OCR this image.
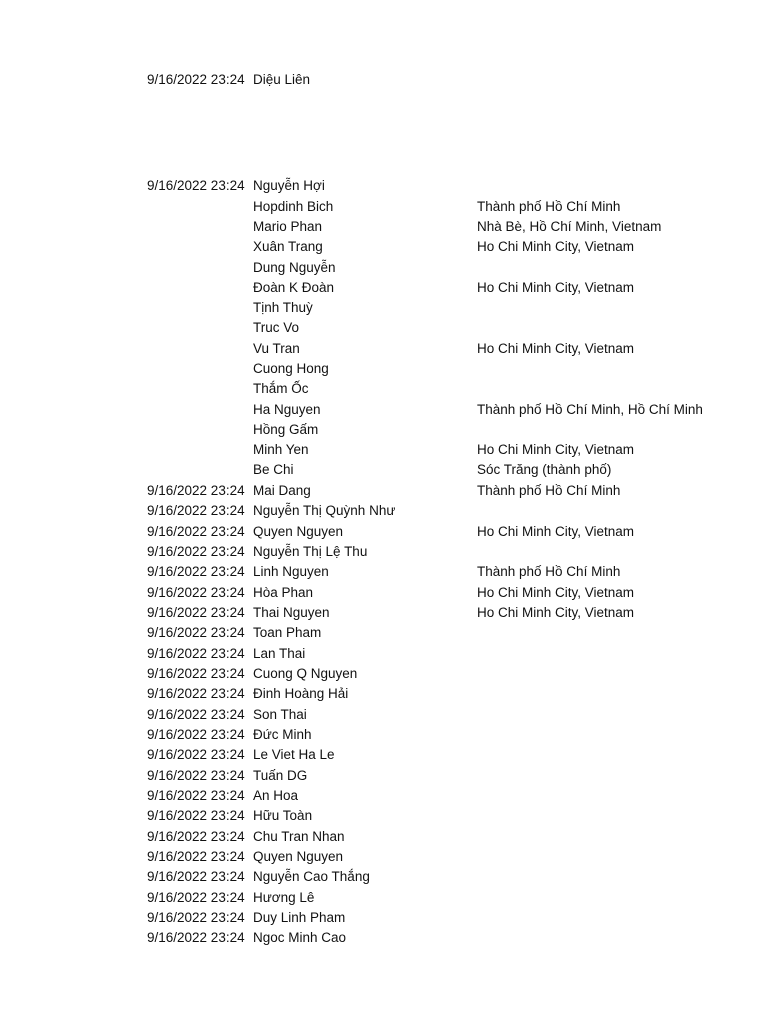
9/16/2022 23:24 Diệu Liên
9/16/2022 23:24 Nguyễn Hợi
Hopdinh Bich	Thành phố Hồ Chí Minh
Mario Phan	Nhà Bè, Hồ Chí Minh, Vietnam
Xuân Trang	Ho Chi Minh City, Vietnam
Dung Nguyễn
Đoàn K Đoàn	Ho Chi Minh City, Vietnam
Tịnh Thuỳ
Truc Vo
Vu Tran	Ho Chi Minh City, Vietnam
Cuong Hong
Thắm Ốc
Ha Nguyen	Thành phố Hồ Chí Minh, Hồ Chí Minh
Hồng Gấm
Minh Yen	Ho Chi Minh City, Vietnam
Be Chi	Sóc Trăng (thành phố)
9/16/2022 23:24 Mai Dang	Thành phố Hồ Chí Minh
9/16/2022 23:24 Nguyễn Thị Quỳnh Như
9/16/2022 23:24 Quyen Nguyen	Ho Chi Minh City, Vietnam
9/16/2022 23:24 Nguyễn Thị Lệ Thu
9/16/2022 23:24 Linh Nguyen	Thành phố Hồ Chí Minh
9/16/2022 23:24 Hòa Phan	Ho Chi Minh City, Vietnam
9/16/2022 23:24 Thai Nguyen	Ho Chi Minh City, Vietnam
9/16/2022 23:24 Toan Pham
9/16/2022 23:24 Lan Thai
9/16/2022 23:24 Cuong Q Nguyen
9/16/2022 23:24 Đinh Hoàng Hải
9/16/2022 23:24 Son Thai
9/16/2022 23:24 Đức Minh
9/16/2022 23:24 Le Viet Ha Le
9/16/2022 23:24 Tuấn DG
9/16/2022 23:24 An Hoa
9/16/2022 23:24 Hữu Toàn
9/16/2022 23:24 Chu Tran Nhan
9/16/2022 23:24 Quyen Nguyen
9/16/2022 23:24 Nguyễn Cao Thắng
9/16/2022 23:24 Hương Lê
9/16/2022 23:24 Duy Linh Pham
9/16/2022 23:24 Ngoc Minh Cao
